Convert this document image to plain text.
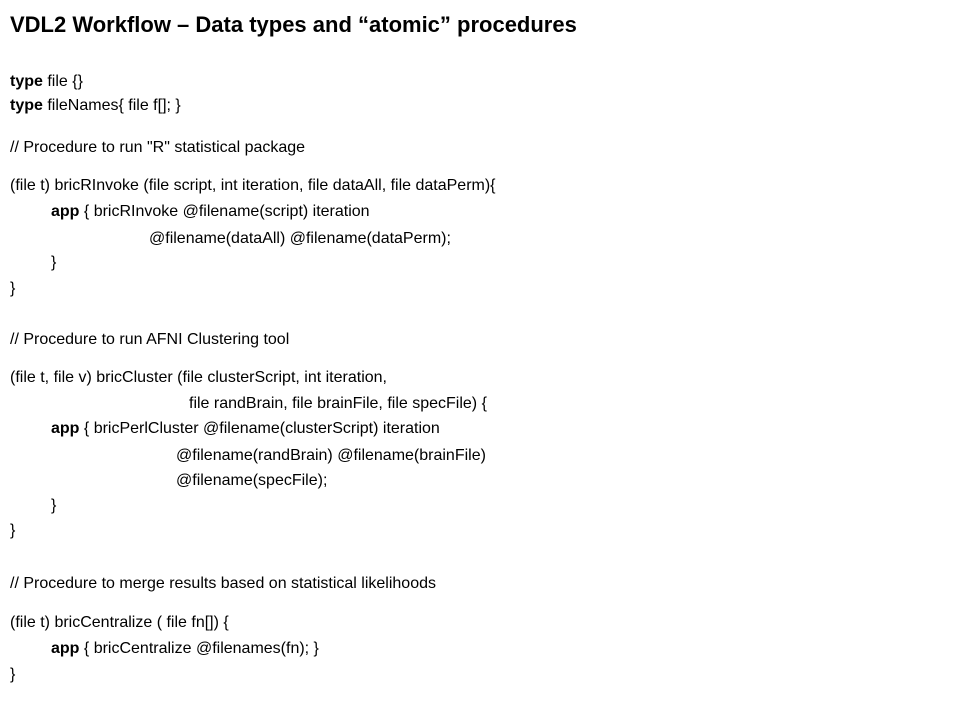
VDL2 Workflow – Data types and “atomic” procedures
type file {}
type fileNames{ file f[]; }
// Procedure to run "R" statistical package
(file t) bricRInvoke (file script, int iteration, file dataAll, file dataPerm){
app { bricRInvoke @filename(script) iteration
@filename(dataAll) @filename(dataPerm);
}
}
// Procedure to run AFNI Clustering tool
(file t, file v) bricCluster (file clusterScript, int iteration,
file randBrain, file brainFile, file specFile) {
app { bricPerlCluster @filename(clusterScript) iteration
@filename(randBrain) @filename(brainFile)
@filename(specFile);
}
}
// Procedure to merge results based on statistical likelihoods
(file t) bricCentralize ( file fn[]) {
app { bricCentralize @filenames(fn); }
}
